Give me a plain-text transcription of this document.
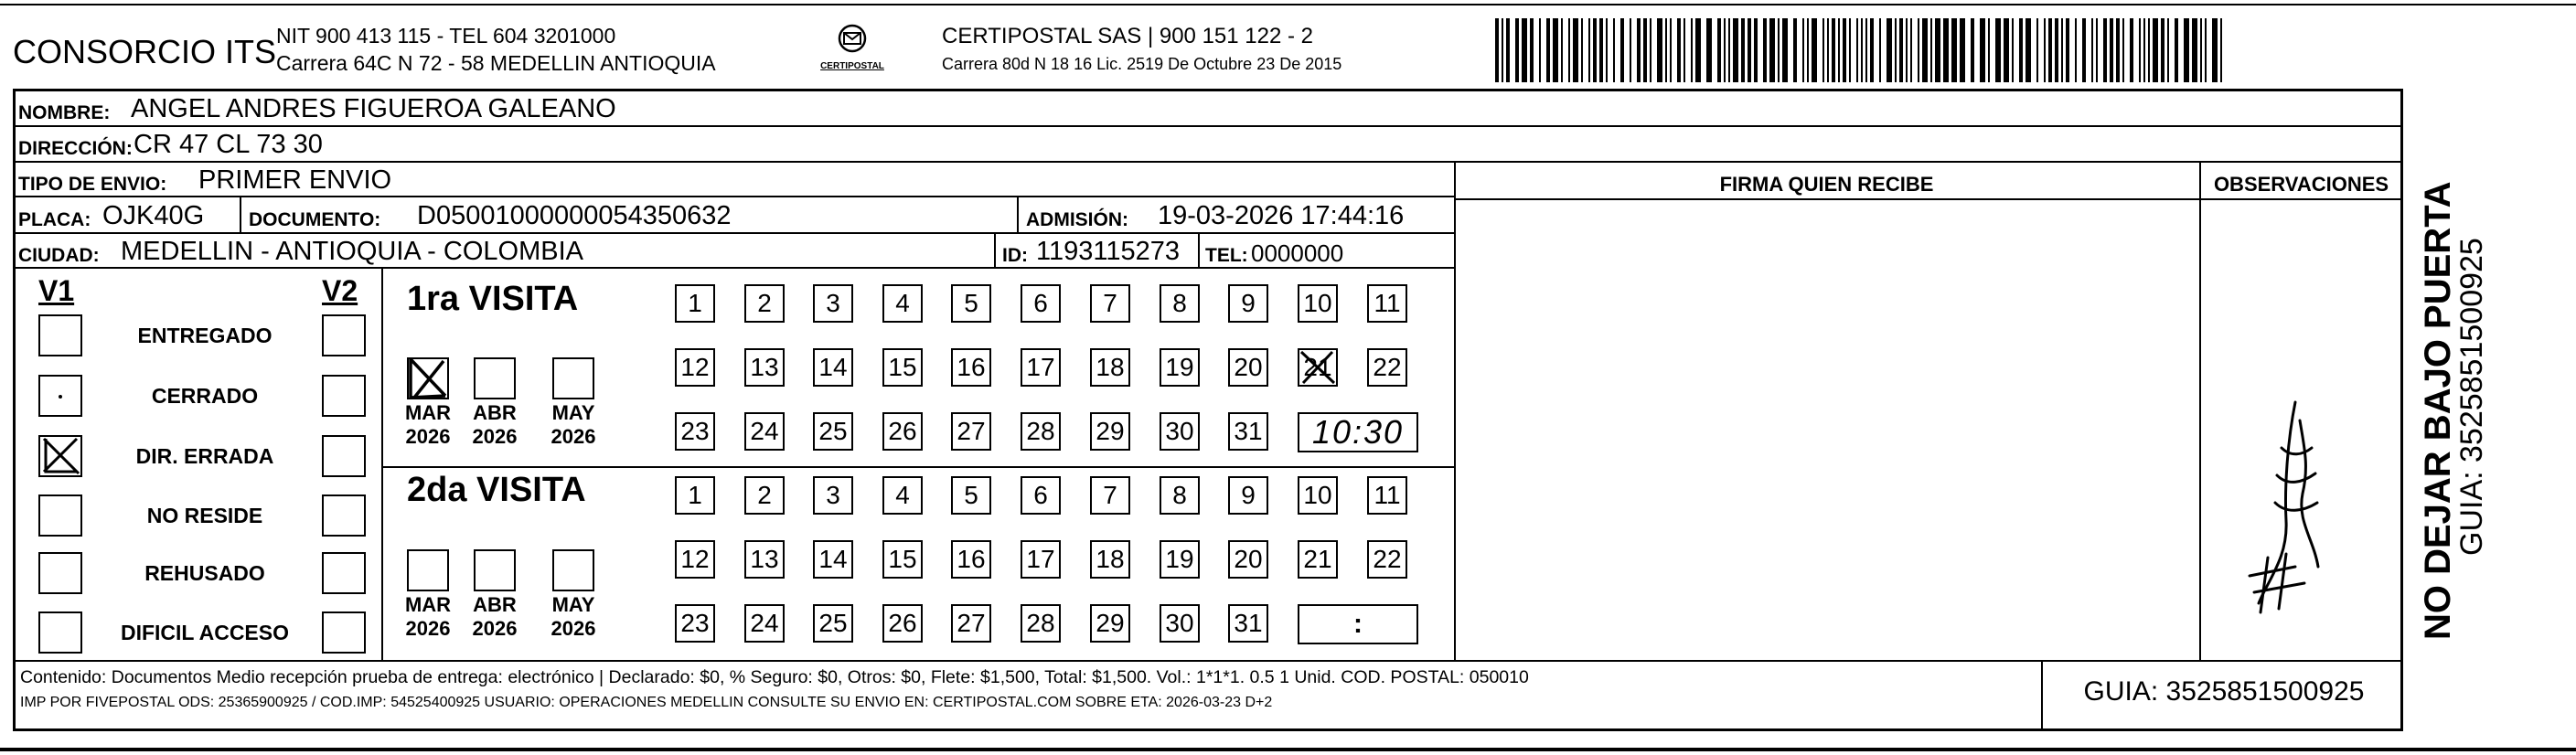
CONSORCIO ITS NIT 900 413 115 - TEL 604 3201000
Carrera 64C N 72 - 58 MEDELLIN ANTIOQUIA	CERTIPOSTAL
CERTIPOSTAL SAS | 900 151 122 - 2
Carrera 80d N 18 16 Lic. 2519 De Octubre 23 De 2015
NOMBRE: ANGEL ANDRES FIGUEROA GALEANO
DIRECCIÓN: CR 47 CL 73 30
TIPO DE ENVIO: PRIMER ENVIO	FIRMA QUIEN RECIBE	OBSERVACIONES
PLACA: OJK40G DOCUMENTO: D05001000000054350632	ADMISIÓN: 19-03-2026 17:44:16
CIUDAD: MEDELLIN - ANTIOQUIA - COLOMBIA	ID: 1193115273 TEL: 0000000
V1	V2
ENTREGADO
CERRADO
DIR. ERRADA
NO RESIDE
REHUSADO
DIFICIL ACCESO
1ra VISITA
2da VISITA
MAR
2026
ABR
2026
MAY
2026
1	2	3	4	5	6	7	8	9	10 11
12 13 14 15 16 17 18 19 20 21 22
23 24 25 26 27 28 29 30 31	10:30
MAR
2026
ABR
2026
MAY
2026
1	2	3	4	5	6	7	8	9	10 11
12 13 14 15 16 17 18 19 20 21 22
23 24 25 26 27 28 29 30 31	:
Contenido: Documentos Medio recepción prueba de entrega: electrónico | Declarado: $0, % Seguro: $0, Otros: $0, Flete: $1,500, Total: $1,500. Vol.: 1*1*1. 0.5 1 Unid. COD. POSTAL: 050010
IMP POR FIVEPOSTAL ODS: 25365900925 / COD.IMP: 54525400925 USUARIO: OPERACIONES MEDELLIN CONSULTE SU ENVIO EN: CERTIPOSTAL.COM SOBRE ETA: 2026-03-23 D+2	GUIA: 3525851500925
NO DEJAR BAJO PUERTA
GUIA: 3525851500925
